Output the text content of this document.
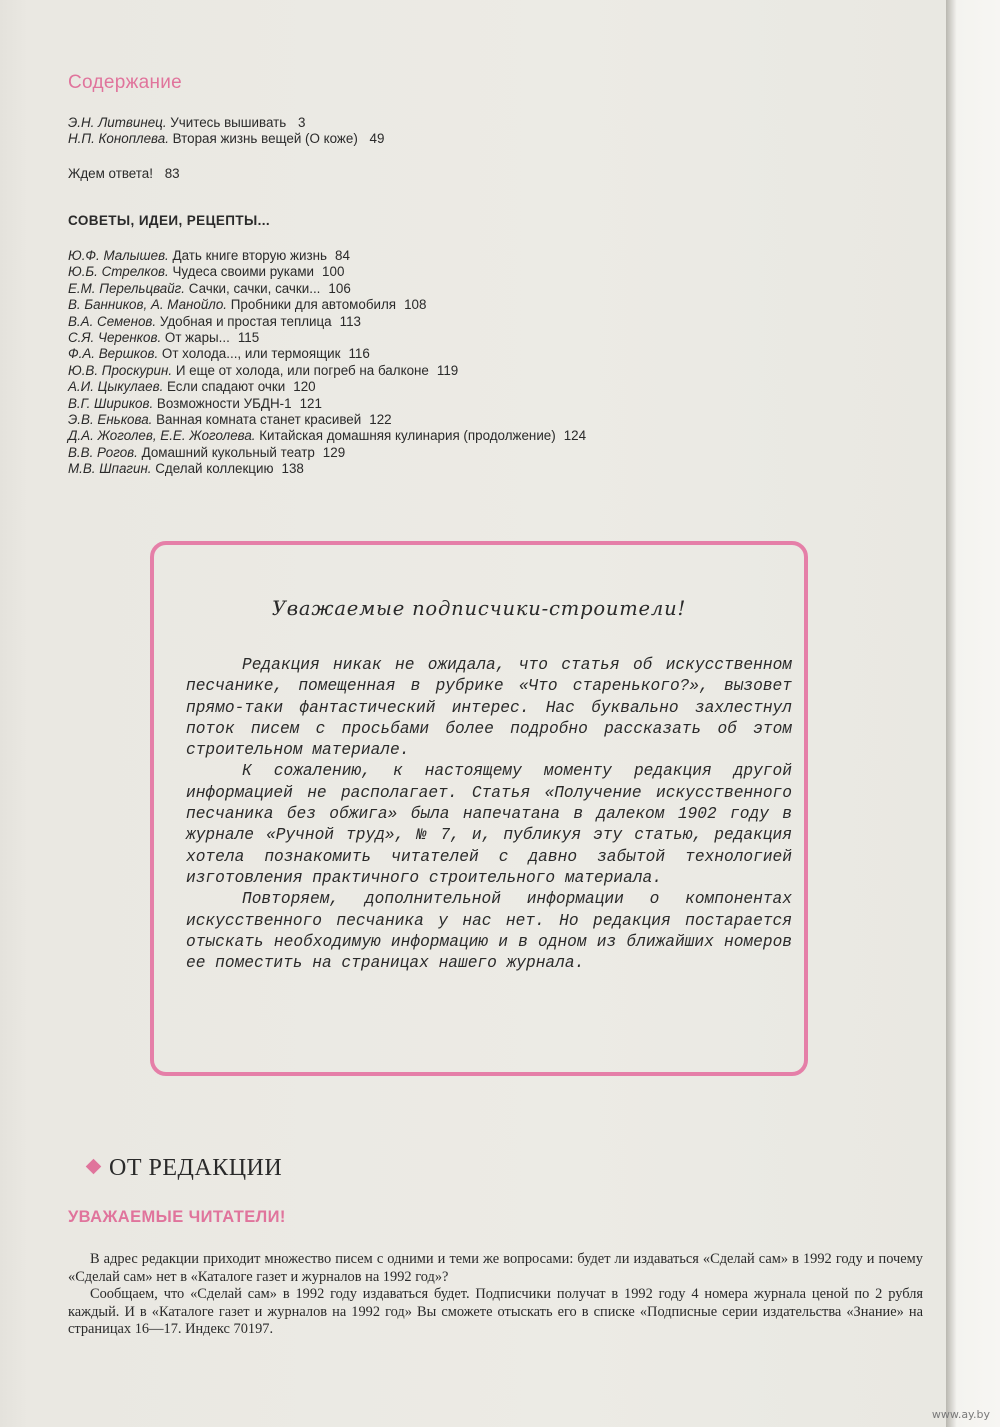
Содержание
Э.Н. Литвинец. Учитесь вышивать 3
Н.П. Коноплева. Вторая жизнь вещей (О коже) 49
Ждем ответа! 83
СОВЕТЫ, ИДЕИ, РЕЦЕПТЫ...
Ю.Ф. Малышев. Дать книге вторую жизнь 84
Ю.Б. Стрелков. Чудеса своими руками 100
Е.М. Перельцвайг. Сачки, сачки, сачки... 106
В. Банников, А. Манойло. Пробники для автомобиля 108
В.А. Семенов. Удобная и простая теплица 113
С.Я. Черенков. От жары... 115
Ф.А. Вершков. От холода..., или термоящик 116
Ю.В. Проскурин. И еще от холода, или погреб на балконе 119
А.И. Цыкулаев. Если спадают очки 120
В.Г. Шириков. Возможности УБДН-1 121
Э.В. Енькова. Ванная комната станет красивей 122
Д.А. Жоголев, Е.Е. Жоголева. Китайская домашняя кулинария (продолжение) 124
В.В. Рогов. Домашний кукольный театр 129
М.В. Шпагин. Сделай коллекцию 138
Уважаемые подписчики-строители!

Редакция никак не ожидала, что статья об искусственном песчанике, помещенная в рубрике «Что старенького?», вызовет прямо-таки фантастический интерес. Нас буквально захлестнул поток писем с просьбами более подробно рассказать об этом строительном материале.

К сожалению, к настоящему моменту редакция другой информацией не располагает. Статья «Получение искусственного песчаника без обжига» была напечатана в далеком 1902 году в журнале «Ручной труд», № 7, и, публикуя эту статью, редакция хотела познакомить читателей с давно забытой технологией изготовления практичного строительного материала.

Повторяем, дополнительной информации о компонентах искусственного песчаника у нас нет. Но редакция постарается отыскать необходимую информацию и в одном из ближайших номеров ее поместить на страницах нашего журнала.

ОТ РЕДАКЦИИ
УВАЖАЕМЫЕ ЧИТАТЕЛИ!

В адрес редакции приходит множество писем с одними и теми же вопросами: будет ли издаваться «Сделай сам» в 1992 году и почему «Сделай сам» нет в «Каталоге газет и журналов на 1992 год»?

Сообщаем, что «Сделай сам» в 1992 году издаваться будет. Подписчики получат в 1992 году 4 номера журнала ценой по 2 рубля каждый. И в «Каталоге газет и журналов на 1992 год» Вы сможете отыскать его в списке «Подписные серии издательства «Знание» на страницах 16—17. Индекс 70197.

www.ay.by
